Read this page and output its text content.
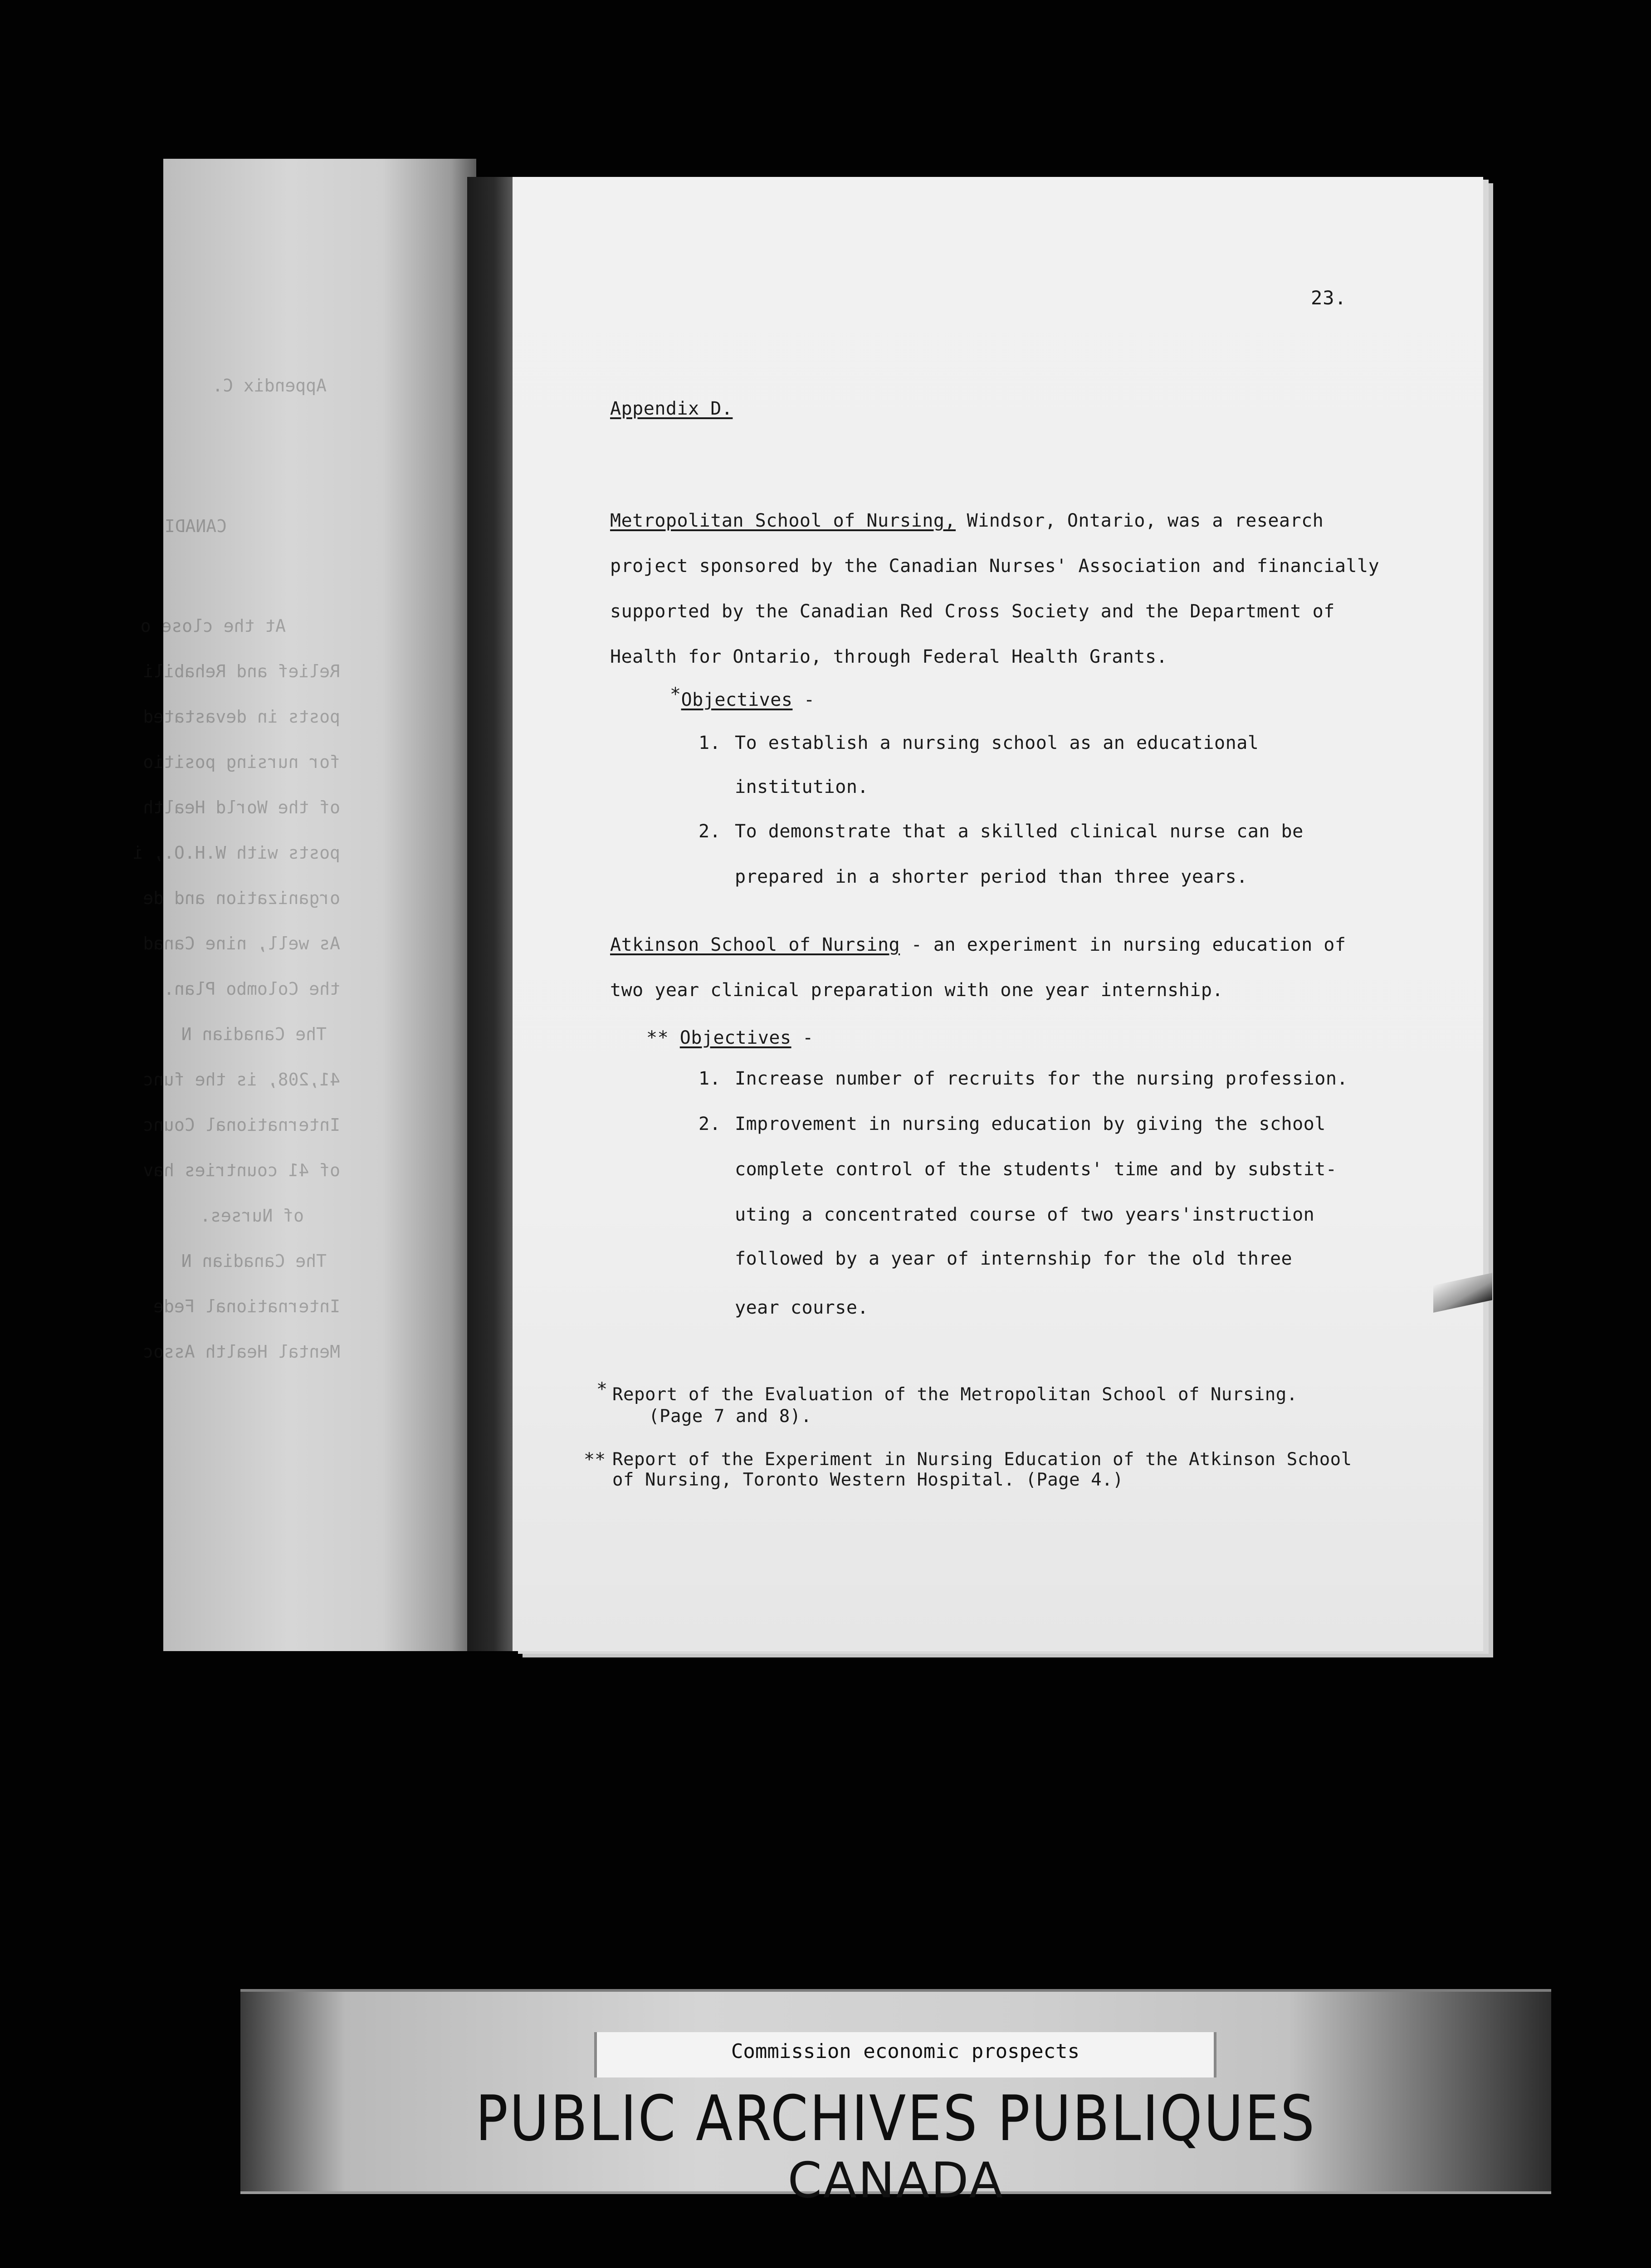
Appendix C.
CANADI
At the close o
Relief and Rehabili
posts in devastated
for nursing positio
of the World Health
posts with W.H.O., i
organization and de
As well, nine Canad
the Colombo Plan.
The Canadian N
41,208, is the func
International Counc
of 41 countries hav
of Nurses.
The Canadian N
International Fede
Mental Health Assoc
23.
Appendix D.
Metropolitan School of Nursing, Windsor, Ontario, was a research
project sponsored by the Canadian Nurses' Association and financially
supported by the Canadian Red Cross Society and the Department of
Health for Ontario, through Federal Health Grants.
*Objectives -
1. To establish a nursing school as an educational
institution.
2. To demonstrate that a skilled clinical nurse can be
prepared in a shorter period than three years.
Atkinson School of Nursing - an experiment in nursing education of
two year clinical preparation with one year internship.
** Objectives -
1. Increase number of recruits for the nursing profession.
2. Improvement in nursing education by giving the school
complete control of the students' time and by substit-
uting a concentrated course of two years'instruction
followed by a year of internship for the old three
year course.
* Report of the Evaluation of the Metropolitan School of Nursing.
(Page 7 and 8).
** Report of the Experiment in Nursing Education of the Atkinson School
of Nursing, Toronto Western Hospital. (Page 4.)
Commission economic prospects
PUBLIC ARCHIVES PUBLIQUES
CANADA
